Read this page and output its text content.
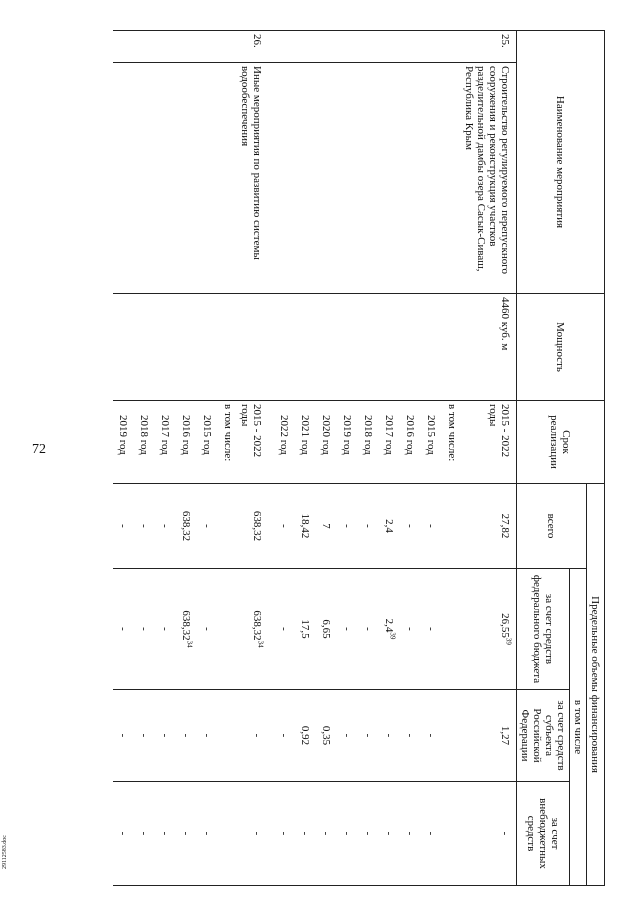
72
29112583.doc
Наименование мероприятия		Мощность	Срок реализации	Предельные объемы финансирования			
				всего	в том числе		
					за счет средств федерального бюджета	за счет средств субъекта Российской Федерации	за счет внебюджетных средств
25.	Строительство регулируемого перепускного сооружения и реконструкция участков разделительной дамбы озера Сасык-Сиваш, Республика Крым	4460 куб. м	2015 - 2022 годы	27,82	26,55$^{39}$	1,27	-
			в том числе:				
			2015 год	-	-	-	-
			2016 год	-	-	-	-
			2017 год	2,4	$2,4^{39}$	-	-
			2018 год	-	-	-	-
			2019 год	-	-	-	-
			2020 год	7	6,65	0,35	-
			2021 год	18,42	17,5	0,92	-
			2022 год	-	-	-	-

26.	Иные мероприятия по развитию системы водообеспечения		2015 - 2022 годы	638,32	638,32$^{34}$	-	-
			в том числе:				
			2015 год	-	-	-	-
			2016 год	638,32	638,32$^{34}$	-	-
			2017 год	-	-	-	-
			2018 год	-	-	-	-
			2019 год	-	-	-	-
